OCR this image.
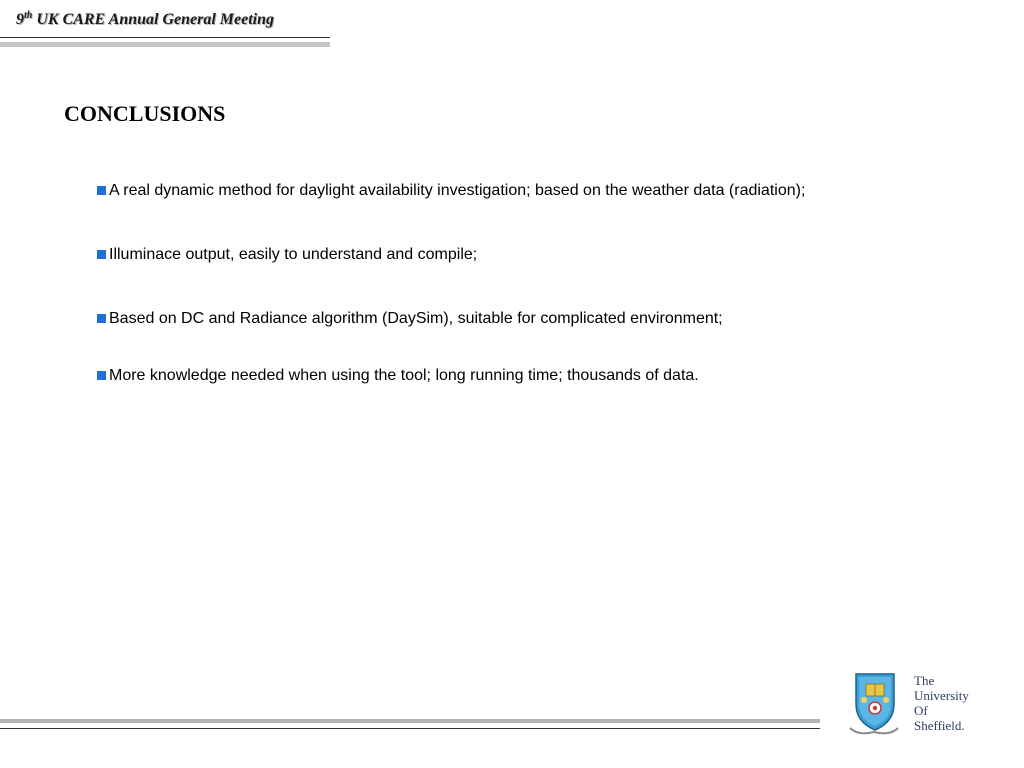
9th UK CARE Annual General Meeting
CONCLUSIONS
A real dynamic method for daylight availability investigation; based on the weather data (radiation);
Illuminace output, easily to understand and compile;
Based on DC and Radiance algorithm (DaySim), suitable for complicated environment;
More knowledge needed when using the tool; long running time; thousands of data.
The
University
Of
Sheffield.
